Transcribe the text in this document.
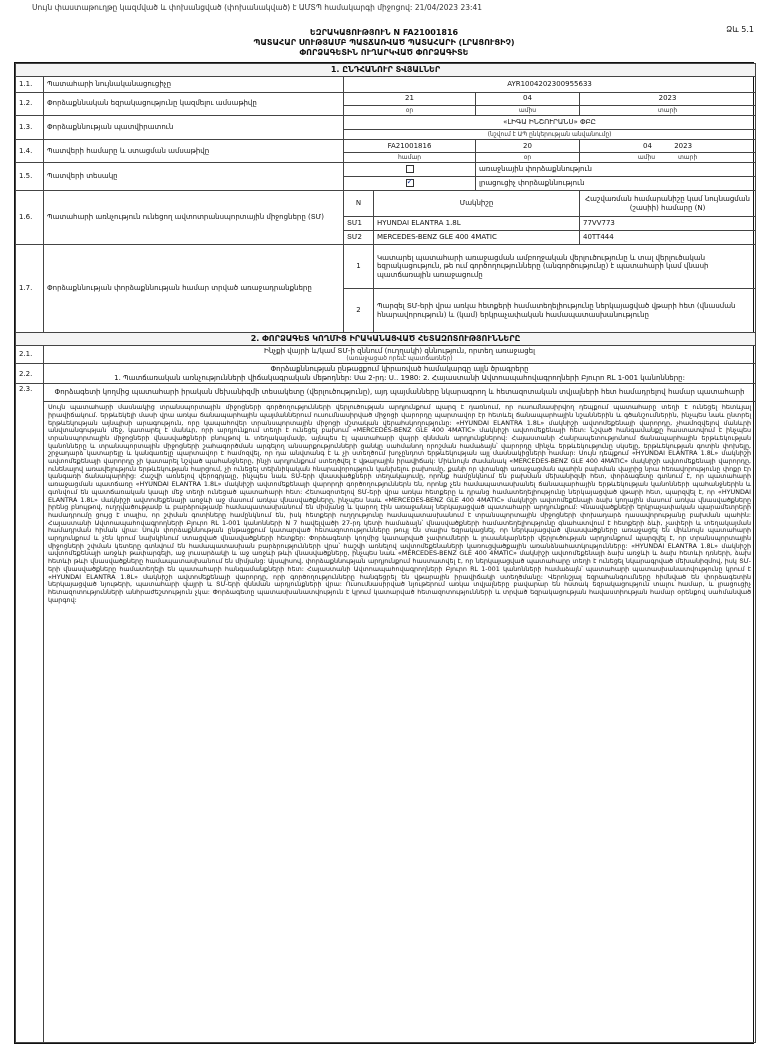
Սույն փաստաթուղթը կազմված և փոխանցված (փոխանակված) է ԱՄՏՊ համակարգի միջոցով: 21/04/2023 23:41
Ձև 5.1
ԵԶՐԱԿԱՑՈՒԹՅՈՒՆ N FA21001816
ՊԱՏԱՀԱՐ ՍՈՒԹՅԱՄԲ ՊԱՏՃԱՌՎԱԾ ՊԱՏԱՀԱՐԻ (ԼՐԱՑՈՒՑԻՉ)
ՓՈՐՁԱԳԵՏԻՆ ՈՒՂԱՐԿՎԱԾ ՓՈՐՁԱԳԻՏԵ
1. ԸՆԴՀԱՆՈՒՐ ՏՎՅԱԼՆԵՐ					
1.1.	Պատահարի նույնականացուցիչը	AYR1004202300955633			
1.2.	Փորձաքննական եզրակացությունը կազմելու ամսաթիվը	21		04	2023
		օր		ամիս	տարի
1.3.	Փորձաքննության պատվիրատուն	«ԼԻԳԱ ԻՆՇՈՒՐԱՆՍ» ՓԲԸ			
		(նշվում է ԱՊ ընկերության անվանումը)			
1.4.	Պատվերի համարը և ստացման ամսաթիվը	FA21001816		20	04 2023
		համար		օր	ամիս տարի
1.5.	Պատվերի տեսակը			առաջնային փորձաքննություն	
✓	լրացուցիչ փորձաքննություն	
1.6.	Պատահարի առնչություն ունեցող ավտոտրանսպորտային միջոցները (ՏՄ)	N	Մակնիշը		Հաշվառման համարանիշը կամ նույնացման (շասիի) համարը (N)
		ՏՄ1	HYUNDAI ELANTRA 1.8L		77VV773
		ՏՄ2	MERCEDES-BENZ GLE 400 4MATIC		40TT444
1.7.	Փորձաքննության փորձաքննության համար տրված առաջադրանքները	1	Կատարել պատահարի առաջացման ամբողջական վերլուծությունը և տալ վերլուծական եզրակացություն, թե ում գործողությունները (անգործությունը) է պատահարի կամ վնասի պատճառային առաջացումը		
		2	Պարզել ՏՄ-երի վրա առկա հետքերի համատեղելիությունը ներկայացված վթարի հետ (վնասման հնարավորություն) և (կամ) երկրաչափական համապատասխանությունը		
2. ՓՈՐՁԱԳԵՏ ԿՈՂՄԻՑ ԻՐԱԿԱՆԱՑՎԱԾ ՀԵՏԱԶՈՏՈՒԹՅՈՒՆՆԵՐԸ					
2.1.	Ինչքի վայրի և/կամ ՏՄ-ի զննում (ուղղակի) զննություն, որտեղ առաջացել
(առաջացած որեւէ պատճառներ)				

2.2.	Փորձաքննության ընթացքում կիրառված համակարգը այլն ծրագրերը
1. Պատճառական առնչությունների վիճակագրական մեթոդներ: Սա 2-րդ: Ս.. 1980: 2. Հայաստանի Ավտոապահովագրողների Բյուրո RL 1-001 կանոնները:				

2.3.	Փորձագետի կողմից պատահարի իրական մեխանիզմի տեսակետը (վերլուծությունը), այդ պայմանները նկարագրող և հետազոտական տվյալների հետ համադրելով համար պատահարի				

	Սույն պատահարի մասնակից տրանսպորտային միջոցների գործողությունների վերլուծության արդյունքում պարզ է դառնում, որ ուսումնասիրվող դեպքում պատահարը տեղի է ունեցել հետևյալ իրավիճակում. երթևեկելի մասի վրա առկա ճանապարհային պայմաններում ուսումնասիրված միջոցի վարորդը պարտավոր էր հետևել ճանապարհային նշաններին և գծանշումներին, ինչպես նաև ընտրել երթևեկության այնպիսի արագություն, որը կապահովեր տրանսպորտային միջոցի մշտական վերահսկողությունը: «HYUNDAI ELANTRA 1.8L» մակնիշի ավտոմեքենայի վարորդը, չհամոզվելով մանևրի անվտանգության մեջ, կատարել է մանևր, որի արդյունքում տեղի է ունեցել բախում «MERCEDES-BENZ GLE 400 4MATIC» մակնիշի ավտոմեքենայի հետ: Նշված հանգամանքը հաստատվում է ինչպես տրանսպորտային միջոցների վնասվածքների բնույթով և տեղակայմամբ, այնպես էլ պատահարի վայրի զննման արդյունքներով: Հայաստանի Հանրապետությունում ճանապարհային երթևեկության կանոնները և տրանսպորտային միջոցների շահագործման արգելող անսարքությունների ցանկը սահմանող որոշման համաձայն՝ վարորդը մինչև երթևեկությունը սկսելը, երթևեկության գոտին փոխելը, շրջադարձ կատարելը և կանգառելը պարտավոր է համոզվել, որ դա անվտանգ է և չի ստեղծում խոչընդոտ երթևեկության այլ մասնակիցների համար: Սույն դեպքում «HYUNDAI ELANTRA 1.8L» մակնիշի ավտոմեքենայի վարորդը չի կատարել նշված պահանջները, ինչի արդյունքում ստեղծվել է վթարային իրավիճակ: Միևնույն ժամանակ «MERCEDES-BENZ GLE 400 4MATIC» մակնիշի ավտոմեքենայի վարորդը, ունենալով առավելություն երթևեկության հարցում, չի ունեցել տեխնիկական հնարավորություն կանխելու բախումը, քանի որ վտանգի առաջացման պահին բախման վայրից նրա հեռավորությունը փոքր էր կանգառի ճանապարհից: Հաշվի առնելով վերոգրյալը, ինչպես նաև ՏՄ-երի վնասվածքների տեղակայումը, որոնք համընկնում են բախման մեխանիզմի հետ, փորձագետը գտնում է, որ պատահարի առաջացման պատճառը «HYUNDAI ELANTRA 1.8L» մակնիշի ավտոմեքենայի վարորդի գործողություններն են, որոնք չեն համապատասխանել ճանապարհային երթևեկության կանոնների պահանջներին և գտնվում են պատճառական կապի մեջ տեղի ունեցած պատահարի հետ: Հետազոտելով ՏՄ-երի վրա առկա հետքերը և դրանց համատեղելիությունը ներկայացված վթարի հետ, պարզվել է, որ «HYUNDAI ELANTRA 1.8L» մակնիշի ավտոմեքենայի առջևի աջ մասում առկա վնասվածքները, ինչպես նաև «MERCEDES-BENZ GLE 400 4MATIC» մակնիշի ավտոմեքենայի ձախ կողային մասում առկա վնասվածքները իրենց բնույթով, ուղղվածությամբ և բարձրությամբ համապատասխանում են միմյանց և կարող էին առաջանալ ներկայացված պատահարի արդյունքում: Վնասվածքների երկրաչափական պարամետրերի համադրումը ցույց է տալիս, որ շփման գոտիները համընկնում են, իսկ հետքերի ուղղությունը համապատասխանում է տրանսպորտային միջոցների փոխադարձ դասավորությանը բախման պահին: Հայաստանի Ավտոապահովագրողների Բյուրո RL 1-001 կանոնների N 7 հավելվածի 27-րդ կետի համաձայն՝ վնասվածքների համատեղելիությունը գնահատվում է հետքերի ձևի, չափերի և տեղակայման համադրման հիման վրա: Սույն փորձաքննության ընթացքում կատարված հետազոտությունները թույլ են տալիս եզրակացնել, որ ներկայացված վնասվածքները առաջացել են միևնույն պատահարի արդյունքում և չեն կրում նախկինում ստացված վնասվածքների հետքեր: Փորձագետի կողմից կատարված չափումների և լուսանկարների վերլուծության արդյունքում պարզվել է, որ տրանսպորտային միջոցների շփման կետերը գտնվում են համապատասխան բարձրությունների վրա՝ հաշվի առնելով ավտոմեքենաների կառուցվածքային առանձնահատկությունները: «HYUNDAI ELANTRA 1.8L» մակնիշի ավտոմեքենայի առջևի թափարգելի, աջ լուսարձակի և աջ առջևի թևի վնասվածքները, ինչպես նաև «MERCEDES-BENZ GLE 400 4MATIC» մակնիշի ավտոմեքենայի ձախ առջևի և ձախ հետևի դռների, ձախ հետևի թևի վնասվածքները համապատասխանում են միմյանց: Այսպիսով, փորձաքննության արդյունքում հաստատվել է, որ ներկայացված պատահարը տեղի է ունեցել նկարագրված մեխանիզմով, իսկ ՏՄ-երի վնասվածքները համատեղելի են պատահարի հանգամանքների հետ: Հայաստանի Ավտոապահովագրողների Բյուրո RL 1-001 կանոնների համաձայն՝ պատահարի պատասխանատվությունը կրում է «HYUNDAI ELANTRA 1.8L» մակնիշի ավտոմեքենայի վարորդը, որի գործողությունները հանգեցրել են վթարային իրավիճակի ստեղծմանը: Վերոնշյալ եզրահանգումները հիմնված են փորձագետին ներկայացված նյութերի, պատահարի վայրի և ՏՄ-երի զննման արդյունքների վրա: Ուսումնասիրված նյութերում առկա տվյալները բավարար են հստակ եզրակացություն տալու համար, և լրացուցիչ հետազոտությունների անհրաժեշտություն չկա: Փորձագետը պատասխանատվություն է կրում կատարված հետազոտությունների և տրված եզրակացության հավաստիության համար օրենքով սահմանված կարգով:				
